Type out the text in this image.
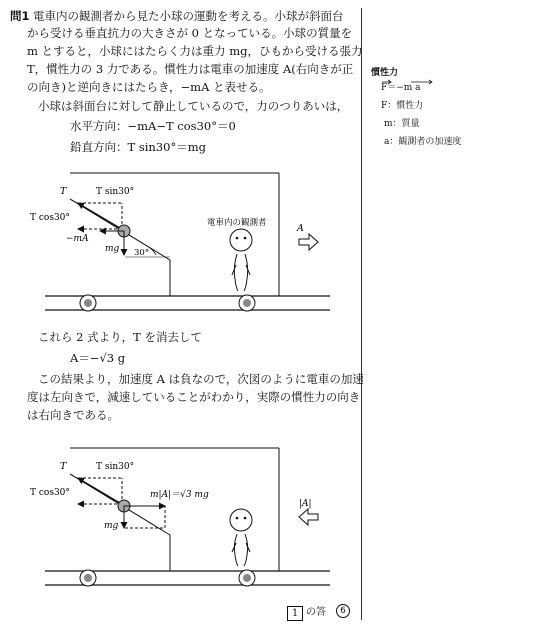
問1 電車内の観測者から見た小球の運動を考える。小球が斜面台
から受ける垂直抗力の大きさが 0 となっている。小球の質量を
m とすると，小球にはたらく力は重力 mg，ひもから受ける張力
T，慣性力の 3 力である。慣性力は電車の加速度 A(右向きが正
の向き)と逆向きにはたらき，−mA と表せる。
小球は斜面台に対して静止しているので，力のつりあいは，
水平方向：−mA−T cos30°＝0
鉛直方向：T sin30°＝mg
慣性力
F＝−m a
F：慣性力
m：質量
a：観測者の加速度
T	T sin30°
T cos30°
−mA
mg 30°
電車内の観測者	A
これら 2 式より，T を消去して
A＝−√3 g
この結果より，加速度 A は負なので，次図のように電車の加速
度は左向きで，減速していることがわかり，実際の慣性力の向き
は右向きである。
T	T sin30°
T cos30°	m|A|＝√3 mg
mg
|A|
1 の答	6
